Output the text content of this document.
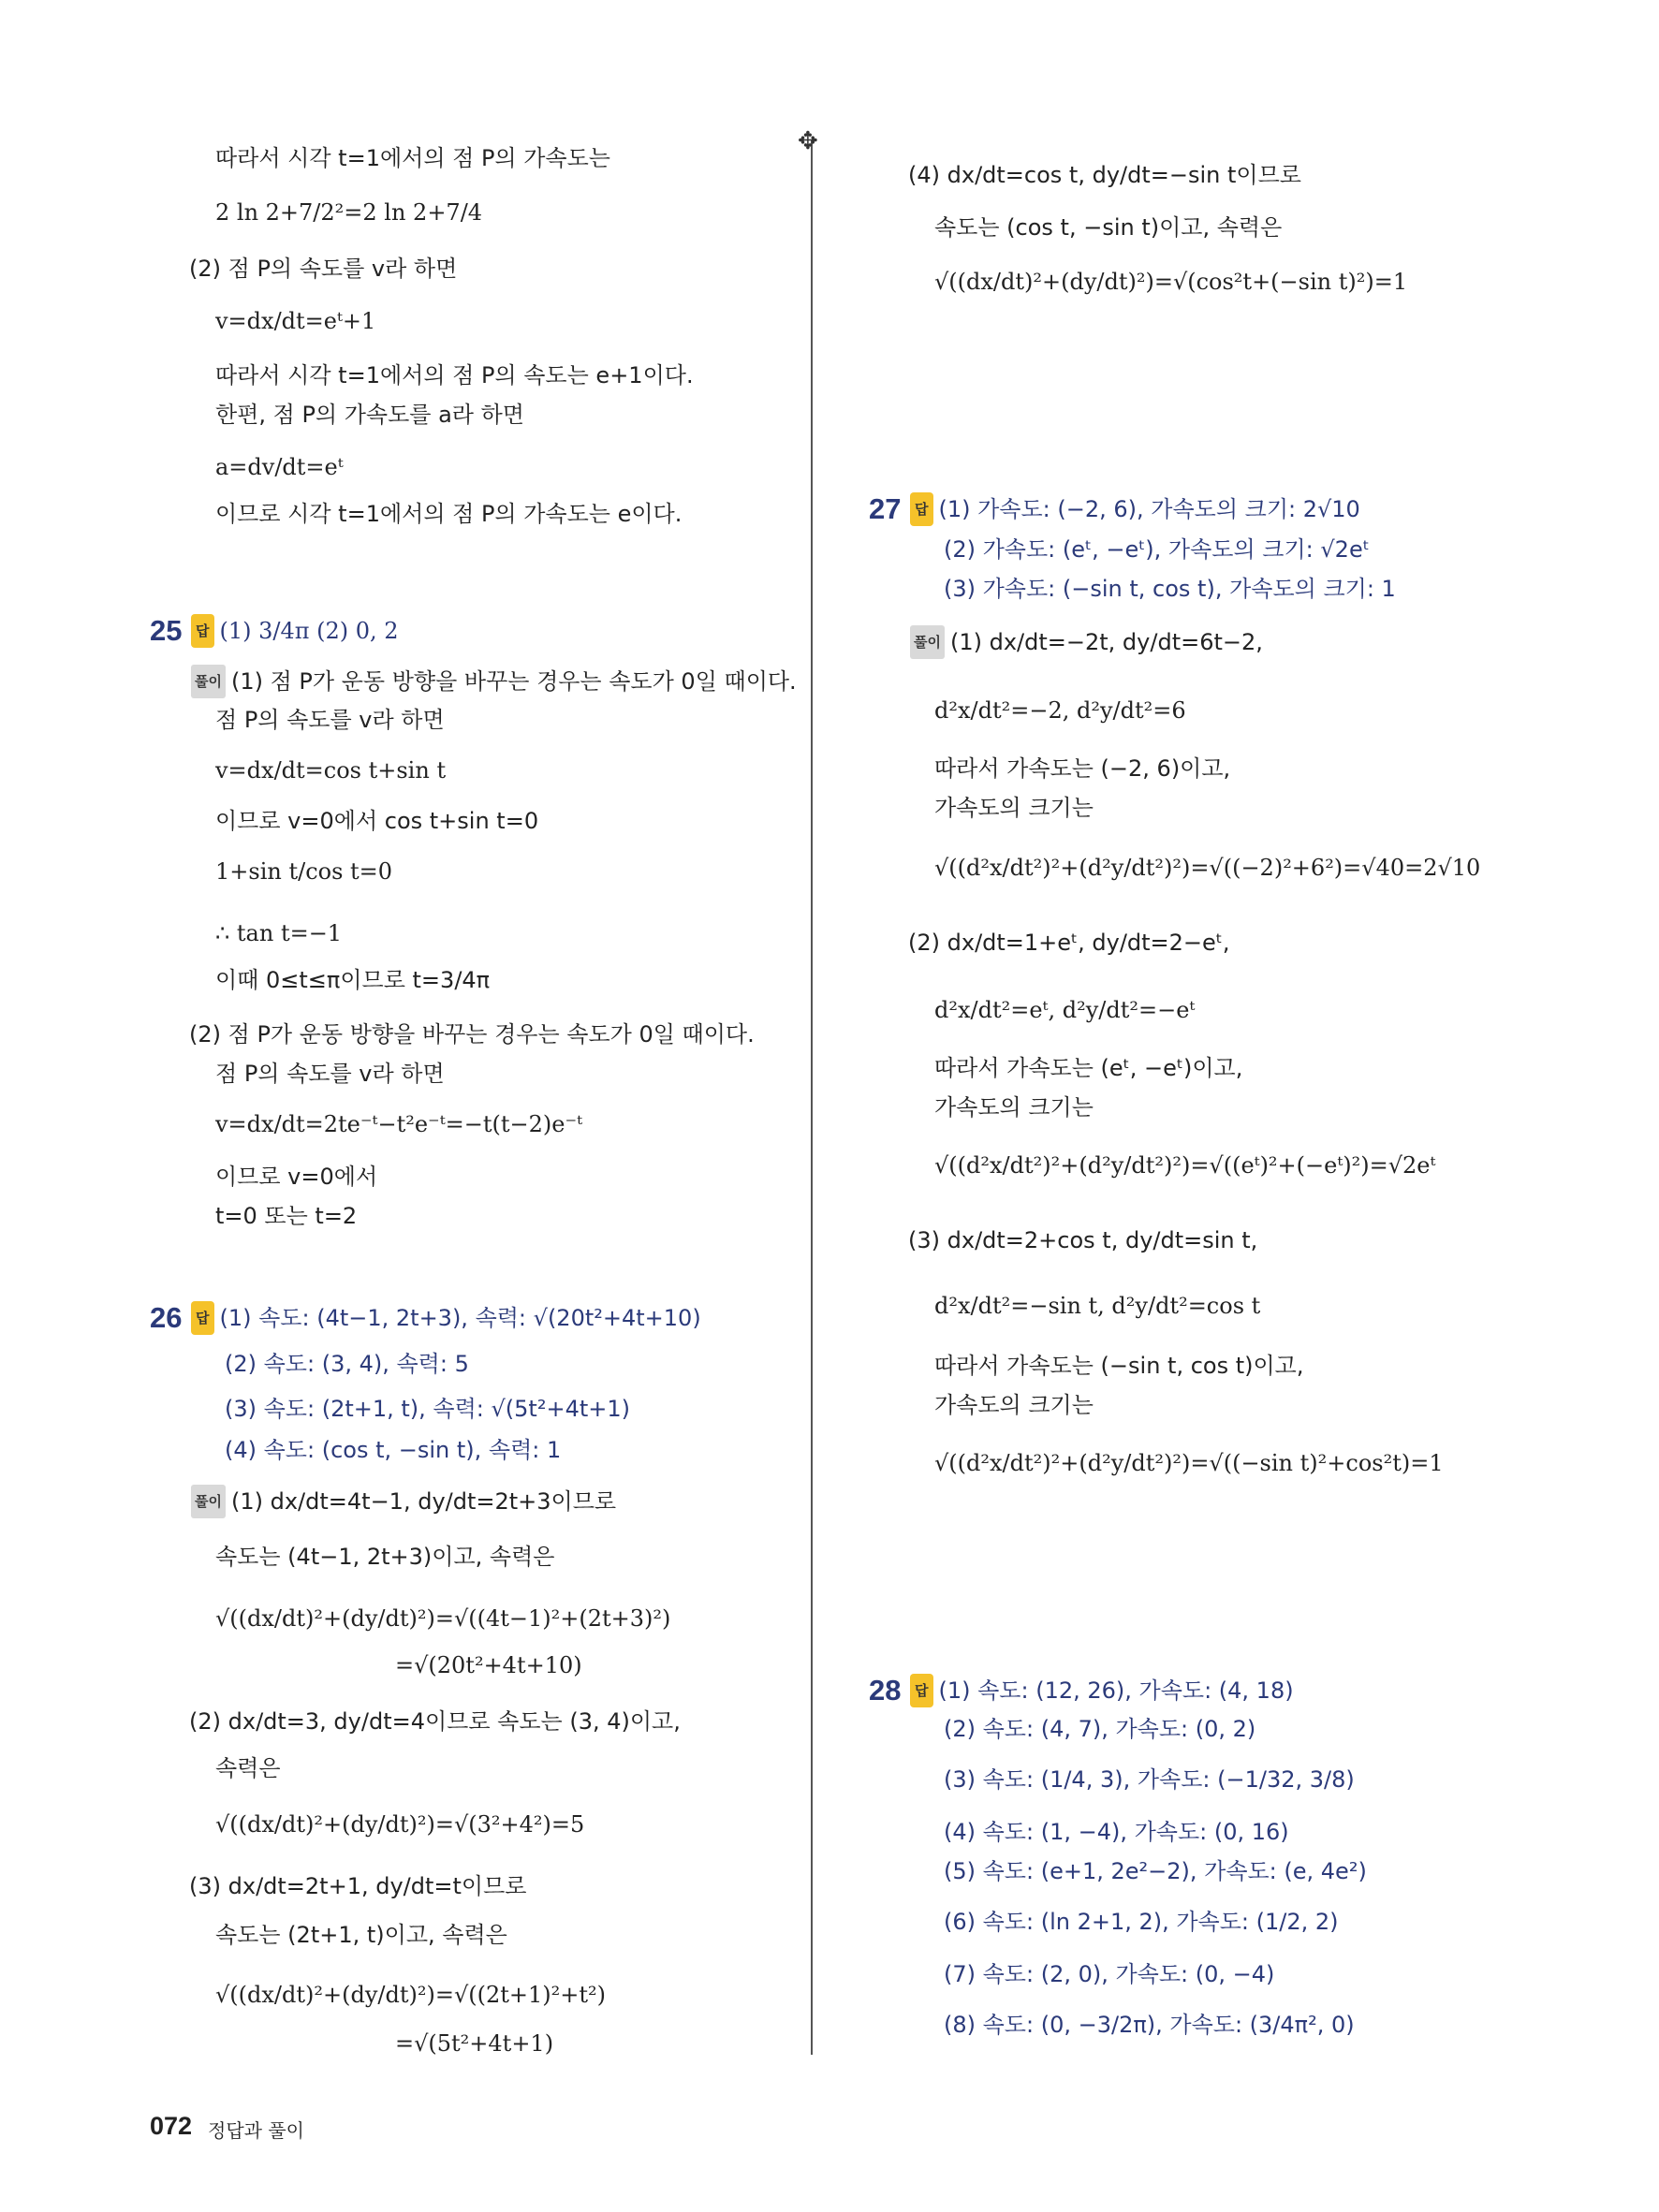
✥
따라서 시각 t=1에서의 점 P의 가속도는
2 ln 2+7/2²=2 ln 2+7/4
(2) 점 P의 속도를 v라 하면
v=dx/dt=eᵗ+1
따라서 시각 t=1에서의 점 P의 속도는 e+1이다.
한편, 점 P의 가속도를 a라 하면
a=dv/dt=eᵗ
이므로 시각 t=1에서의 점 P의 가속도는 e이다.
25 답 (1) 3/4π (2) 0, 2
풀이 (1) 점 P가 운동 방향을 바꾸는 경우는 속도가 0일 때이다.
점 P의 속도를 v라 하면
v=dx/dt=cos t+sin t
이므로 v=0에서 cos t+sin t=0
1+sin t/cos t=0
∴ tan t=−1
이때 0≤t≤π이므로 t=3/4π
(2) 점 P가 운동 방향을 바꾸는 경우는 속도가 0일 때이다.
점 P의 속도를 v라 하면
v=dx/dt=2te⁻ᵗ−t²e⁻ᵗ=−t(t−2)e⁻ᵗ
이므로 v=0에서
t=0 또는 t=2
26 답 (1) 속도: (4t−1, 2t+3), 속력: √(20t²+4t+10)
(2) 속도: (3, 4), 속력: 5
(3) 속도: (2t+1, t), 속력: √(5t²+4t+1)
(4) 속도: (cos t, −sin t), 속력: 1
풀이 (1) dx/dt=4t−1, dy/dt=2t+3이므로
속도는 (4t−1, 2t+3)이고, 속력은
√((dx/dt)²+(dy/dt)²)=√((4t−1)²+(2t+3)²)
=√(20t²+4t+10)
(2) dx/dt=3, dy/dt=4이므로 속도는 (3, 4)이고,
속력은
√((dx/dt)²+(dy/dt)²)=√(3²+4²)=5
(3) dx/dt=2t+1, dy/dt=t이므로
속도는 (2t+1, t)이고, 속력은
√((dx/dt)²+(dy/dt)²)=√((2t+1)²+t²)
=√(5t²+4t+1)
(4) dx/dt=cos t, dy/dt=−sin t이므로
속도는 (cos t, −sin t)이고, 속력은
√((dx/dt)²+(dy/dt)²)=√(cos²t+(−sin t)²)=1
27 답 (1) 가속도: (−2, 6), 가속도의 크기: 2√10
(2) 가속도: (eᵗ, −eᵗ), 가속도의 크기: √2eᵗ
(3) 가속도: (−sin t, cos t), 가속도의 크기: 1
풀이 (1) dx/dt=−2t, dy/dt=6t−2,
d²x/dt²=−2, d²y/dt²=6
따라서 가속도는 (−2, 6)이고,
가속도의 크기는
√((d²x/dt²)²+(d²y/dt²)²)=√((−2)²+6²)=√40=2√10
(2) dx/dt=1+eᵗ, dy/dt=2−eᵗ,
d²x/dt²=eᵗ, d²y/dt²=−eᵗ
따라서 가속도는 (eᵗ, −eᵗ)이고,
가속도의 크기는
√((d²x/dt²)²+(d²y/dt²)²)=√((eᵗ)²+(−eᵗ)²)=√2eᵗ
(3) dx/dt=2+cos t, dy/dt=sin t,
d²x/dt²=−sin t, d²y/dt²=cos t
따라서 가속도는 (−sin t, cos t)이고,
가속도의 크기는
√((d²x/dt²)²+(d²y/dt²)²)=√((−sin t)²+cos²t)=1
28 답 (1) 속도: (12, 26), 가속도: (4, 18)
(2) 속도: (4, 7), 가속도: (0, 2)
(3) 속도: (1/4, 3), 가속도: (−1/32, 3/8)
(4) 속도: (1, −4), 가속도: (0, 16)
(5) 속도: (e+1, 2e²−2), 가속도: (e, 4e²)
(6) 속도: (ln 2+1, 2), 가속도: (1/2, 2)
(7) 속도: (2, 0), 가속도: (0, −4)
(8) 속도: (0, −3/2π), 가속도: (3/4π², 0)
072 정답과 풀이
